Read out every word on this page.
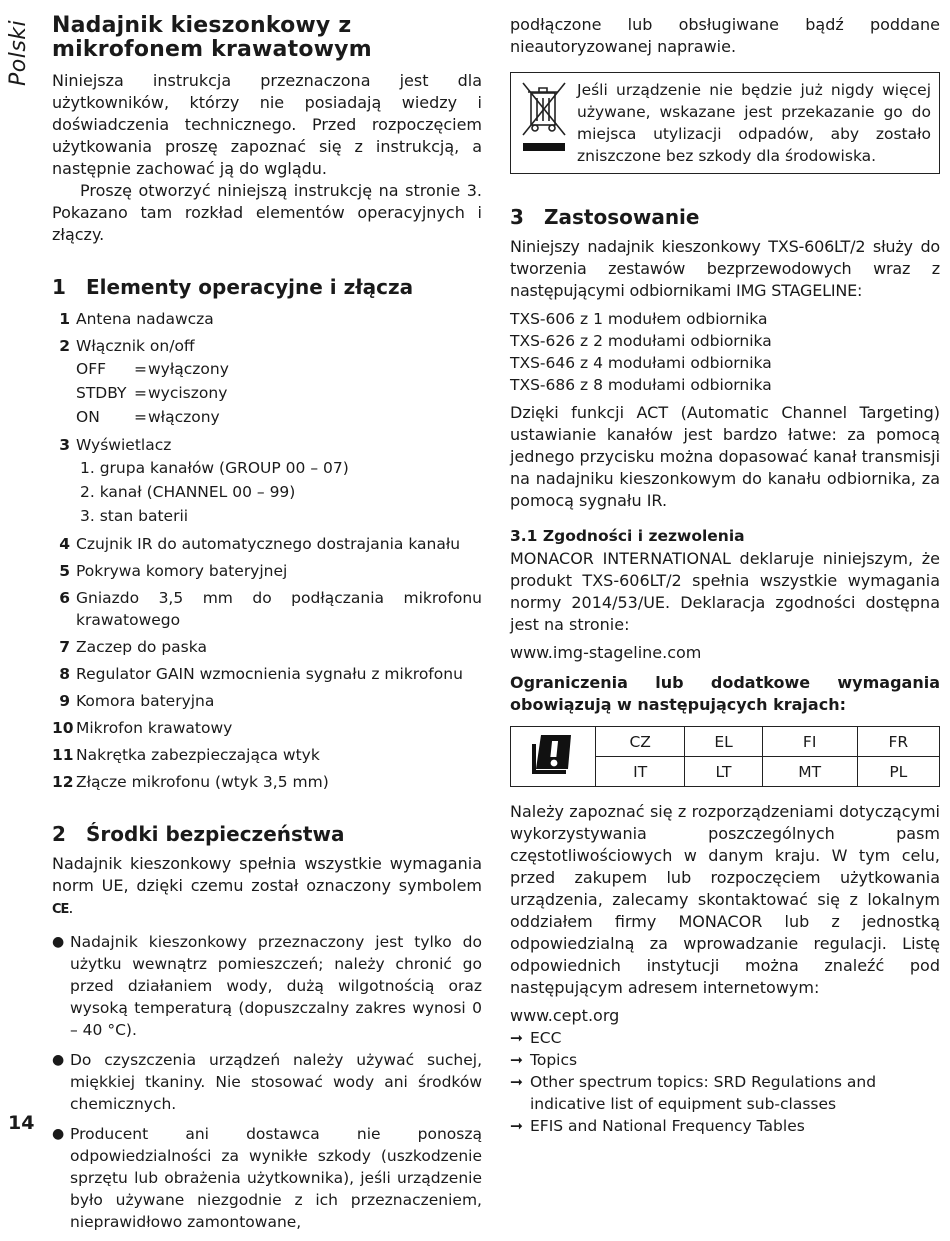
Polski Nadajnik kieszonkowy z mikrofonem krawatowym

Niniejsza instrukcja przeznaczona jest dla użytkowników, którzy nie posiadają wiedzy i doświadczenia technicznego. Przed rozpoczęciem użytkowania proszę zapoznać się z instrukcją, a następnie zachować ją do wglądu.

Proszę otworzyć niniejszą instrukcję na stronie 3. Pokazano tam rozkład elementów operacyjnych i złączy.

1 Elementy operacyjne i złącza
1 Antena nadawcza
2 Włącznik on/off
OFF	= wyłączony
STDBY = wyciszony
ON	= włączony
3 Wyświetlacz
1. grupa kanałów (GROUP 00 – 07)
2. kanał (CHANNEL 00 – 99)
3. stan baterii
4 Czujnik IR do automatycznego dostrajania kanału
5 Pokrywa komory bateryjnej
6 Gniazdo 3,5 mm do podłączania mikrofonu krawatowego
7 Zaczep do paska
8 Regulator GAIN wzmocnienia sygnału z mikrofonu
9 Komora bateryjna
10 Mikrofon krawatowy
11 Nakrętka zabezpieczająca wtyk
12 Złącze mikrofonu (wtyk 3,5 mm)
2 Środki bezpieczeństwa

Nadajnik kieszonkowy spełnia wszystkie wymagania norm UE, dzięki czemu został oznaczony symbolem CE.

● Nadajnik kieszonkowy przeznaczony jest tylko do użytku wewnątrz pomieszczeń; należy chronić go przed działaniem wody, dużą wilgotnością oraz wysoką temperaturą (dopuszczalny zakres wynosi 0 – 40 °C).
● Do czyszczenia urządzeń należy używać suchej, miękkiej tkaniny. Nie stosować wody ani środków chemicznych.
● Producent ani dostawca nie ponoszą odpowiedzialności za wynikłe szkody (uszkodzenie sprzętu lub obrażenia użytkownika), jeśli urządzenie było używane niezgodnie z ich przeznaczeniem, nieprawidłowo zamontowane,

podłączone lub obsługiwane bądź poddane nieautoryzowanej naprawie.

Jeśli urządzenie nie będzie już nigdy więcej używane, wskazane jest przekazanie go do miejsca utylizacji odpadów, aby zostało zniszczone bez szkody dla środowiska.

3 Zastosowanie

Niniejszy nadajnik kieszonkowy TXS-606LT/2 służy do tworzenia zestawów bezprzewodowych wraz z następującymi odbiornikami IMG STAGELINE:

TXS-606 z 1 modułem odbiornika

TXS-626 z 2 modułami odbiornika

TXS-646 z 4 modułami odbiornika

TXS-686 z 8 modułami odbiornika

Dzięki funkcji ACT (Automatic Channel Targeting) ustawianie kanałów jest bardzo łatwe: za pomocą jednego przycisku można dopasować kanał transmisji na nadajniku kieszonkowym do kanału odbiornika, za pomocą sygnału IR.

3.1 Zgodności i zezwolenia

MONACOR INTERNATIONAL deklaruje niniejszym, że produkt TXS-606LT/2 spełnia wszystkie wymagania normy 2014/53/UE. Deklaracja zgodności dostępna jest na stronie:

www.img-stageline.com

Ograniczenia lub dodatkowe wymagania obowiązują w następujących krajach:

	CZ	EL	FI	FR
	IT	LT	MT	PL

Należy zapoznać się z rozporządzeniami dotyczącymi wykorzystywania poszczególnych pasm częstotliwościowych w danym kraju. W tym celu, przed zakupem lub rozpoczęciem użytkowania urządzenia, zalecamy skontaktować się z lokalnym oddziałem firmy MONACOR lub z jednostką odpowiedzialną za wprowadzanie regulacji. Listę odpowiednich instytucji można znaleźć pod następującym adresem internetowym:

www.cept.org

➞ ECC
➞ Topics
➞ Other spectrum topics: SRD Regulations and indicative list of equipment sub-classes
➞ EFIS and National Frequency Tables
14
